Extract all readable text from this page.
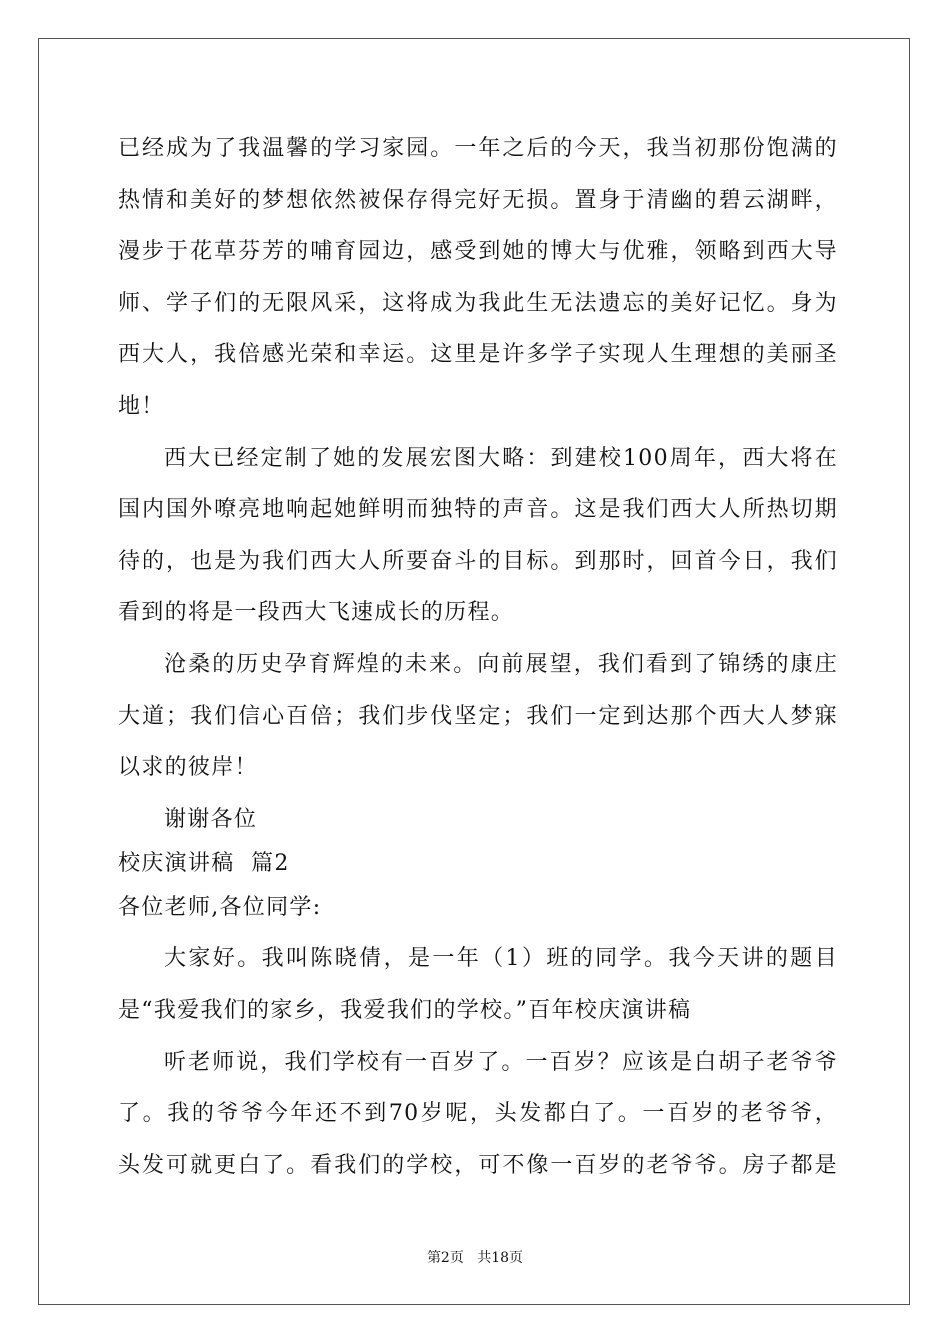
已经成为了我温馨的学习家园。一年之后的今天，我当初那份饱满的
热情和美好的梦想依然被保存得完好无损。置身于清幽的碧云湖畔，
漫步于花草芬芳的哺育园边，感受到她的博大与优雅，领略到西大导
师、学子们的无限风采，这将成为我此生无法遗忘的美好记忆。身为
西大人，我倍感光荣和幸运。这里是许多学子实现人生理想的美丽圣
地！
西大已经定制了她的发展宏图大略：到建校100周年，西大将在
国内国外嘹亮地响起她鲜明而独特的声音。这是我们西大人所热切期
待的，也是为我们西大人所要奋斗的目标。到那时，回首今日，我们
看到的将是一段西大飞速成长的历程。
沧桑的历史孕育辉煌的未来。向前展望，我们看到了锦绣的康庄
大道；我们信心百倍；我们步伐坚定；我们一定到达那个西大人梦寐
以求的彼岸！
谢谢各位
校庆演讲稿  篇2
各位老师,各位同学:
大家好。我叫陈晓倩，是一年（1）班的同学。我今天讲的题目
是“我爱我们的家乡，我爱我们的学校。”百年校庆演讲稿
听老师说，我们学校有一百岁了。一百岁？应该是白胡子老爷爷
了。我的爷爷今年还不到70岁呢，头发都白了。一百岁的老爷爷，
头发可就更白了。看我们的学校，可不像一百岁的老爷爷。房子都是
第2页 共18页
